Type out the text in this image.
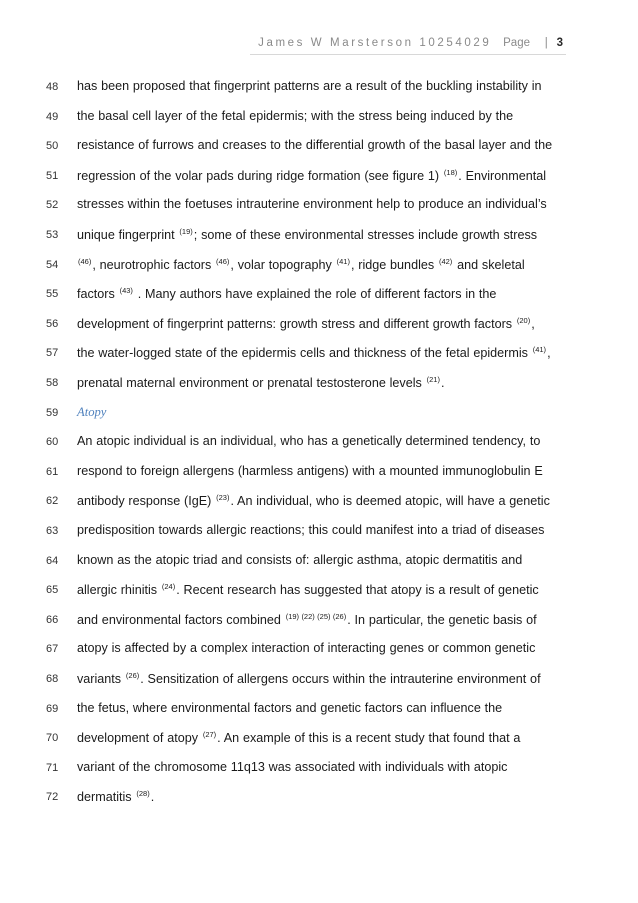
James W Marsterson 10254029 Page | 3
48	has been proposed that fingerprint patterns are a result of the buckling instability in
49	the basal cell layer of the fetal epidermis; with the stress being induced by the
50	resistance of furrows and creases to the differential growth of the basal layer and the
51	regression of the volar pads during ridge formation (see figure 1) $^{(18)}$. Environmental
52	stresses within the foetuses intrauterine environment help to produce an individual’s
53	unique fingerprint $^{(19)}$; some of these environmental stresses include growth stress
54	$^{(46)}$, neurotrophic factors $^{(46)}$, volar topography $^{(41)}$, ridge bundles $^{(42)}$ and skeletal
55	factors $^{(43)}$ . Many authors have explained the role of different factors in the
56	development of fingerprint patterns: growth stress and different growth factors $^{(20)}$,
57	the water-logged state of the epidermis cells and thickness of the fetal epidermis $^{(41)}$,
58	prenatal maternal environment or prenatal testosterone levels $^{(21)}$.
59	Atopy
60	An atopic individual is an individual, who has a genetically determined tendency, to
61	respond to foreign allergens (harmless antigens) with a mounted immunoglobulin E
62	antibody response (IgE) $^{(23)}$. An individual, who is deemed atopic, will have a genetic
63	predisposition towards allergic reactions; this could manifest into a triad of diseases
64	known as the atopic triad and consists of: allergic asthma, atopic dermatitis and
65	allergic rhinitis $^{(24)}$. Recent research has suggested that atopy is a result of genetic
66	and environmental factors combined $^{(19) (22) (25) (26)}$. In particular, the genetic basis of
67	atopy is affected by a complex interaction of interacting genes or common genetic
68	variants $^{(26)}$. Sensitization of allergens occurs within the intrauterine environment of
69	the fetus, where environmental factors and genetic factors can influence the
70	development of atopy $^{(27)}$. An example of this is a recent study that found that a
71	variant of the chromosome 11q13 was associated with individuals with atopic
72	dermatitis $^{(28)}$.
